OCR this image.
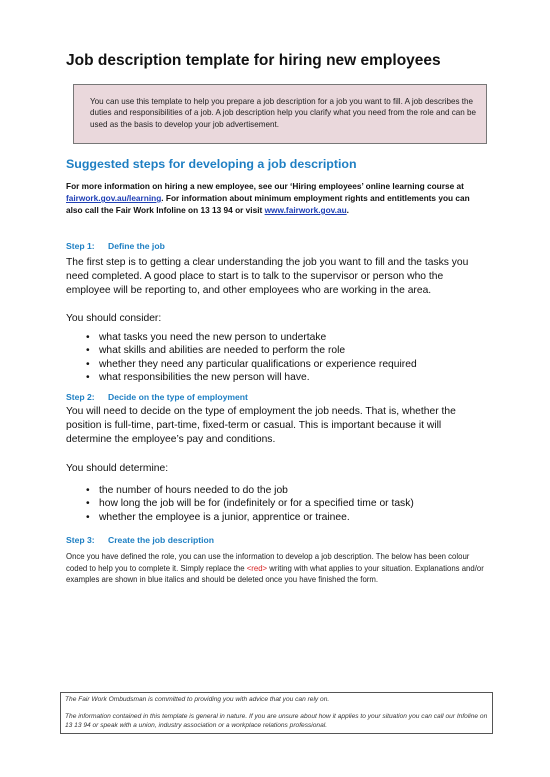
Job description template for hiring new employees
You can use this template to help you prepare a job description for a job you want to fill. A job describes the duties and responsibilities of a job. A job description help you clarify what you need from the role and can be used as the basis to develop your job advertisement.
Suggested steps for developing a job description
For more information on hiring a new employee, see our ‘Hiring employees’ online learning course at fairwork.gov.au/learning. For information about minimum employment rights and entitlements you can also call the Fair Work Infoline on 13 13 94 or visit www.fairwork.gov.au.
Step 1: Define the job
The first step is to getting a clear understanding the job you want to fill and the tasks you need completed. A good place to start is to talk to the supervisor or person who the employee will be reporting to, and other employees who are working in the area.
You should consider:
• what tasks you need the new person to undertake
• what skills and abilities are needed to perform the role
• whether they need any particular qualifications or experience required
• what responsibilities the new person will have.
Step 2: Decide on the type of employment
You will need to decide on the type of employment the job needs. That is, whether the position is full-time, part-time, fixed-term or casual. This is important because it will determine the employee’s pay and conditions.
You should determine:
• the number of hours needed to do the job
• how long the job will be for (indefinitely or for a specified time or task)
• whether the employee is a junior, apprentice or trainee.
Step 3: Create the job description
Once you have defined the role, you can use the information to develop a job description. The below has been colour coded to help you to complete it. Simply replace the <red> writing with what applies to your situation. Explanations and/or examples are shown in blue italics and should be deleted once you have finished the form.
The Fair Work Ombudsman is committed to providing you with advice that you can rely on.
The information contained in this template is general in nature. If you are unsure about how it applies to your situation you can call our Infoline on 13 13 94 or speak with a union, industry association or a workplace relations professional.
